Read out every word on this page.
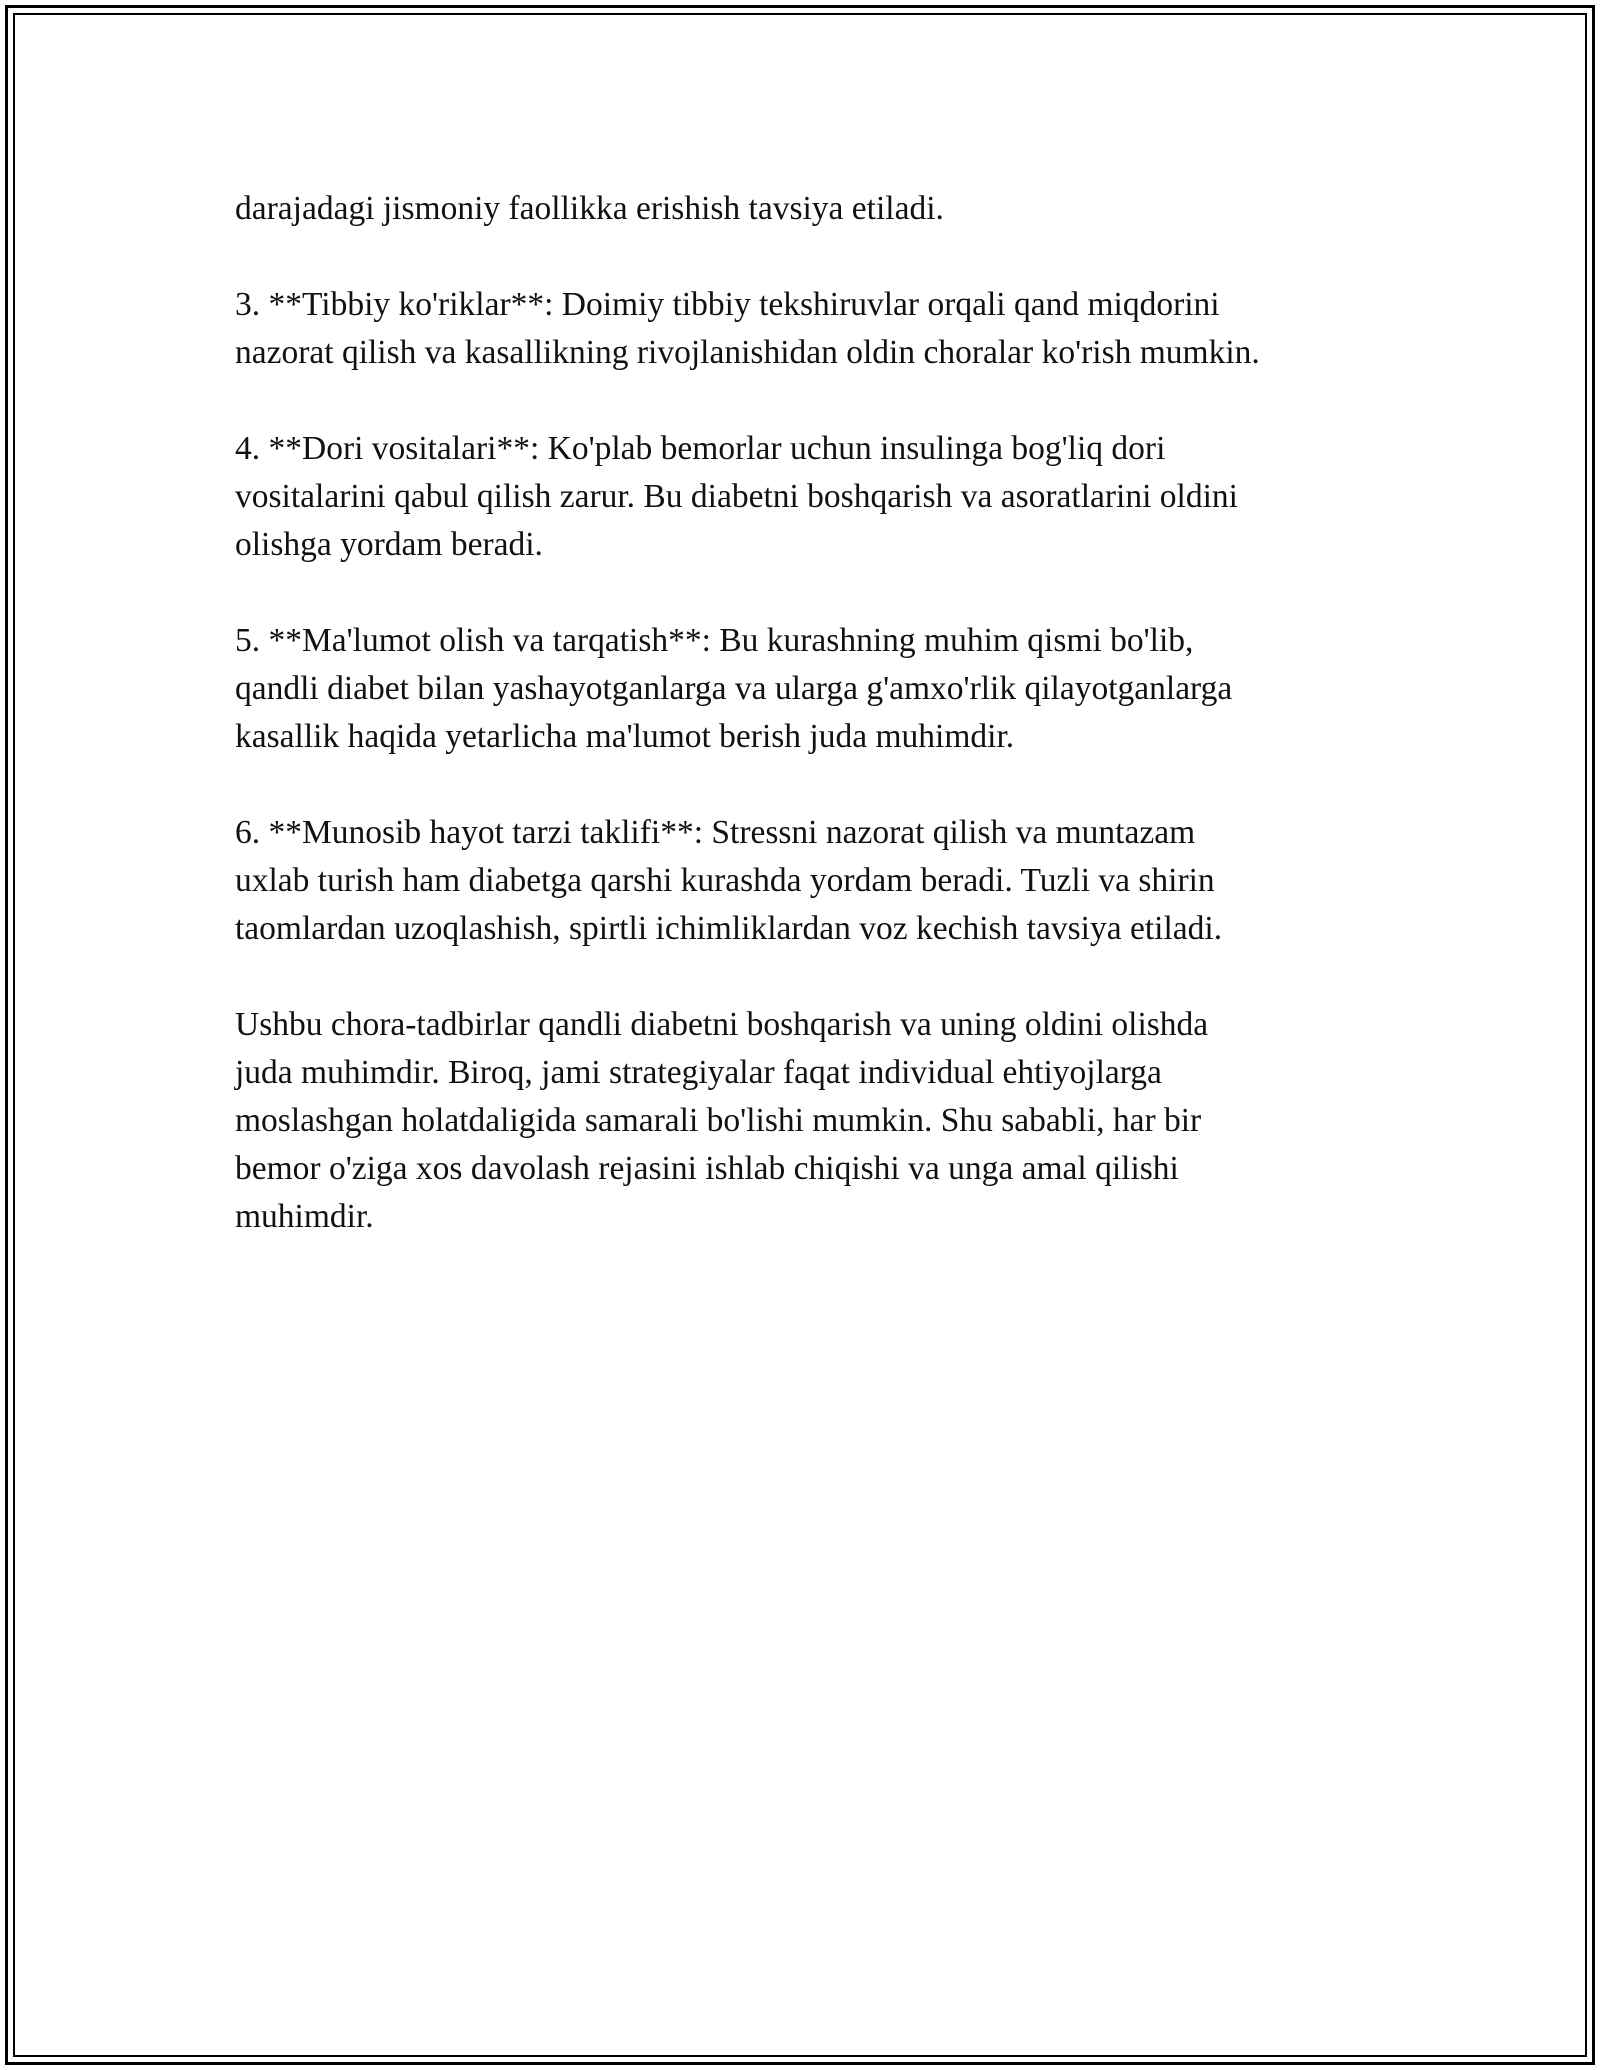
darajadagi jismoniy faollikka erishish tavsiya etiladi.

3. **Tibbiy ko'riklar**: Doimiy tibbiy tekshiruvlar orqali qand miqdorini
nazorat qilish va kasallikning rivojlanishidan oldin choralar ko'rish mumkin.

4. **Dori vositalari**: Ko'plab bemorlar uchun insulinga bog'liq dori
vositalarini qabul qilish zarur. Bu diabetni boshqarish va asoratlarini oldini
olishga yordam beradi.

5. **Ma'lumot olish va tarqatish**: Bu kurashning muhim qismi bo'lib,
qandli diabet bilan yashayotganlarga va ularga g'amxo'rlik qilayotganlarga
kasallik haqida yetarlicha ma'lumot berish juda muhimdir.

6. **Munosib hayot tarzi taklifi**: Stressni nazorat qilish va muntazam
uxlab turish ham diabetga qarshi kurashda yordam beradi. Tuzli va shirin
taomlardan uzoqlashish, spirtli ichimliklardan voz kechish tavsiya etiladi.

Ushbu chora-tadbirlar qandli diabetni boshqarish va uning oldini olishda
juda muhimdir. Biroq, jami strategiyalar faqat individual ehtiyojlarga
moslashgan holatdaligida samarali bo'lishi mumkin. Shu sababli, har bir
bemor o'ziga xos davolash rejasini ishlab chiqishi va unga amal qilishi
muhimdir.
